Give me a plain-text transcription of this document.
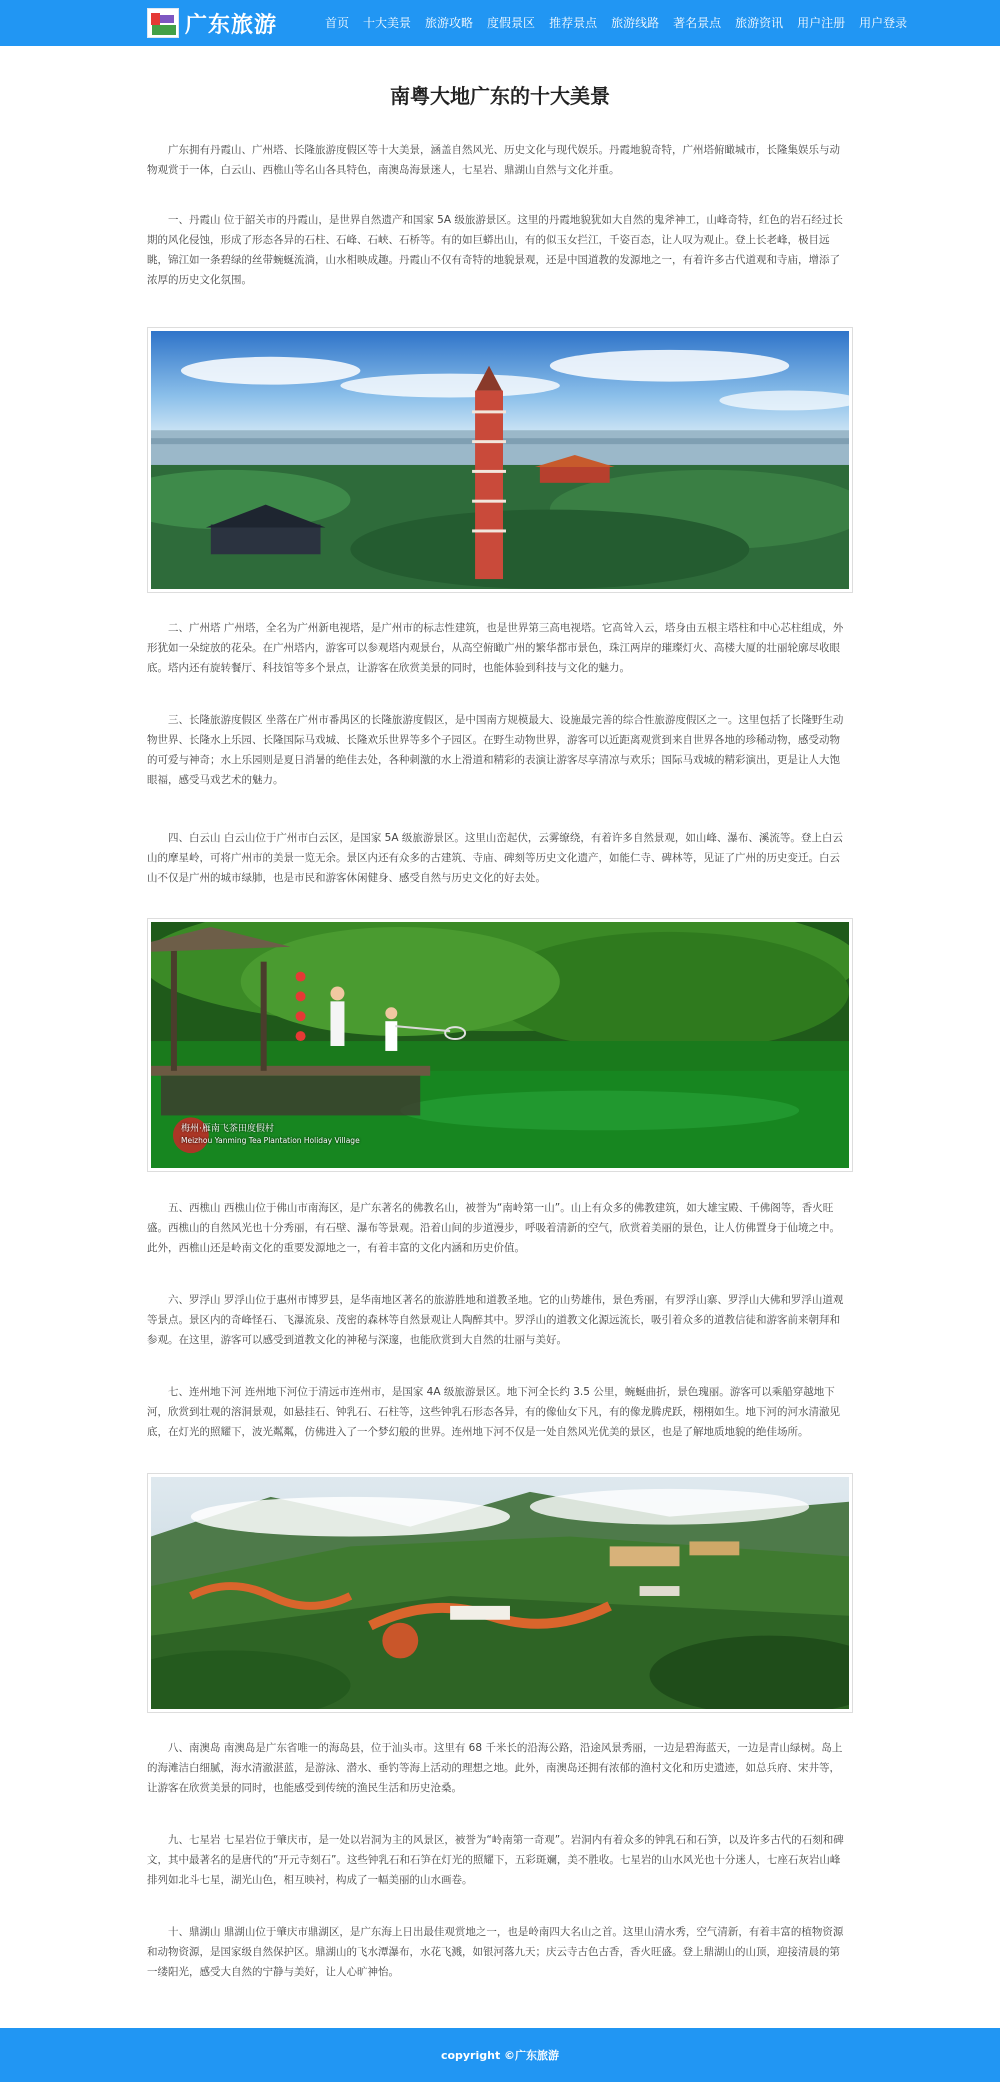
广东旅游	首页	十大美景	旅游攻略	度假景区	推荐景点	旅游线路	著名景点	旅游资讯	用户注册	用户登录
南粤大地广东的十大美景

广东拥有丹霞山、广州塔、长隆旅游度假区等十大美景，涵盖自然风光、历史文化与现代娱乐。丹霞地貌奇特，广州塔俯瞰城市，长隆集娱乐与动物观赏于一体，白云山、西樵山等名山各具特色，南澳岛海景迷人，七星岩、鼎湖山自然与文化并重。

一、丹霞山 位于韶关市的丹霞山，是世界自然遗产和国家 5A 级旅游景区。这里的丹霞地貌犹如大自然的鬼斧神工，山峰奇特，红色的岩石经过长期的风化侵蚀，形成了形态各异的石柱、石峰、石峡、石桥等。有的如巨蟒出山，有的似玉女拦江，千姿百态，让人叹为观止。登上长老峰，极目远眺，锦江如一条碧绿的丝带蜿蜒流淌，山水相映成趣。丹霞山不仅有奇特的地貌景观，还是中国道教的发源地之一，有着许多古代道观和寺庙，增添了浓厚的历史文化氛围。

二、广州塔 广州塔，全名为广州新电视塔，是广州市的标志性建筑，也是世界第三高电视塔。它高耸入云，塔身由五根主塔柱和中心芯柱组成，外形犹如一朵绽放的花朵。在广州塔内，游客可以参观塔内观景台，从高空俯瞰广州的繁华都市景色，珠江两岸的璀璨灯火、高楼大厦的壮丽轮廓尽收眼底。塔内还有旋转餐厅、科技馆等多个景点，让游客在欣赏美景的同时，也能体验到科技与文化的魅力。

三、长隆旅游度假区 坐落在广州市番禺区的长隆旅游度假区，是中国南方规模最大、设施最完善的综合性旅游度假区之一。这里包括了长隆野生动物世界、长隆水上乐园、长隆国际马戏城、长隆欢乐世界等多个子园区。在野生动物世界，游客可以近距离观赏到来自世界各地的珍稀动物，感受动物的可爱与神奇；水上乐园则是夏日消暑的绝佳去处，各种刺激的水上滑道和精彩的表演让游客尽享清凉与欢乐；国际马戏城的精彩演出，更是让人大饱眼福，感受马戏艺术的魅力。

四、白云山 白云山位于广州市白云区，是国家 5A 级旅游景区。这里山峦起伏，云雾缭绕，有着许多自然景观，如山峰、瀑布、溪流等。登上白云山的摩星岭，可将广州市的美景一览无余。景区内还有众多的古建筑、寺庙、碑刻等历史文化遗产，如能仁寺、碑林等，见证了广州的历史变迁。白云山不仅是广州的城市绿肺，也是市民和游客休闲健身、感受自然与历史文化的好去处。

梅州·雁南飞茶田度假村
Meizhou Yanming Tea Plantation Holiday Village

五、西樵山 西樵山位于佛山市南海区，是广东著名的佛教名山，被誉为“南岭第一山”。山上有众多的佛教建筑，如大雄宝殿、千佛阁等，香火旺盛。西樵山的自然风光也十分秀丽，有石壁、瀑布等景观。沿着山间的步道漫步，呼吸着清新的空气，欣赏着美丽的景色，让人仿佛置身于仙境之中。此外，西樵山还是岭南文化的重要发源地之一，有着丰富的文化内涵和历史价值。

六、罗浮山 罗浮山位于惠州市博罗县，是华南地区著名的旅游胜地和道教圣地。它的山势雄伟，景色秀丽，有罗浮山寨、罗浮山大佛和罗浮山道观等景点。景区内的奇峰怪石、飞瀑流泉、茂密的森林等自然景观让人陶醉其中。罗浮山的道教文化源远流长，吸引着众多的道教信徒和游客前来朝拜和参观。在这里，游客可以感受到道教文化的神秘与深邃，也能欣赏到大自然的壮丽与美好。

七、连州地下河 连州地下河位于清远市连州市，是国家 4A 级旅游景区。地下河全长约 3.5 公里，蜿蜒曲折，景色瑰丽。游客可以乘船穿越地下河，欣赏到壮观的溶洞景观，如悬挂石、钟乳石、石柱等，这些钟乳石形态各异，有的像仙女下凡，有的像龙腾虎跃，栩栩如生。地下河的河水清澈见底，在灯光的照耀下，波光粼粼，仿佛进入了一个梦幻般的世界。连州地下河不仅是一处自然风光优美的景区，也是了解地质地貌的绝佳场所。

八、南澳岛 南澳岛是广东省唯一的海岛县，位于汕头市。这里有 68 千米长的沿海公路，沿途风景秀丽，一边是碧海蓝天，一边是青山绿树。岛上的海滩洁白细腻，海水清澈湛蓝，是游泳、潜水、垂钓等海上活动的理想之地。此外，南澳岛还拥有浓郁的渔村文化和历史遗迹，如总兵府、宋井等，让游客在欣赏美景的同时，也能感受到传统的渔民生活和历史沧桑。

九、七星岩 七星岩位于肇庆市，是一处以岩洞为主的风景区，被誉为“岭南第一奇观”。岩洞内有着众多的钟乳石和石笋，以及许多古代的石刻和碑文，其中最著名的是唐代的“开元寺刻石”。这些钟乳石和石笋在灯光的照耀下，五彩斑斓，美不胜收。七星岩的山水风光也十分迷人，七座石灰岩山峰排列如北斗七星，湖光山色，相互映衬，构成了一幅美丽的山水画卷。

十、鼎湖山 鼎湖山位于肇庆市鼎湖区，是广东海上日出最佳观赏地之一，也是岭南四大名山之首。这里山清水秀，空气清新，有着丰富的植物资源和动物资源，是国家级自然保护区。鼎湖山的飞水潭瀑布，水花飞溅，如银河落九天；庆云寺古色古香，香火旺盛。登上鼎湖山的山顶，迎接清晨的第一缕阳光，感受大自然的宁静与美好，让人心旷神怡。

copyright ©广东旅游
